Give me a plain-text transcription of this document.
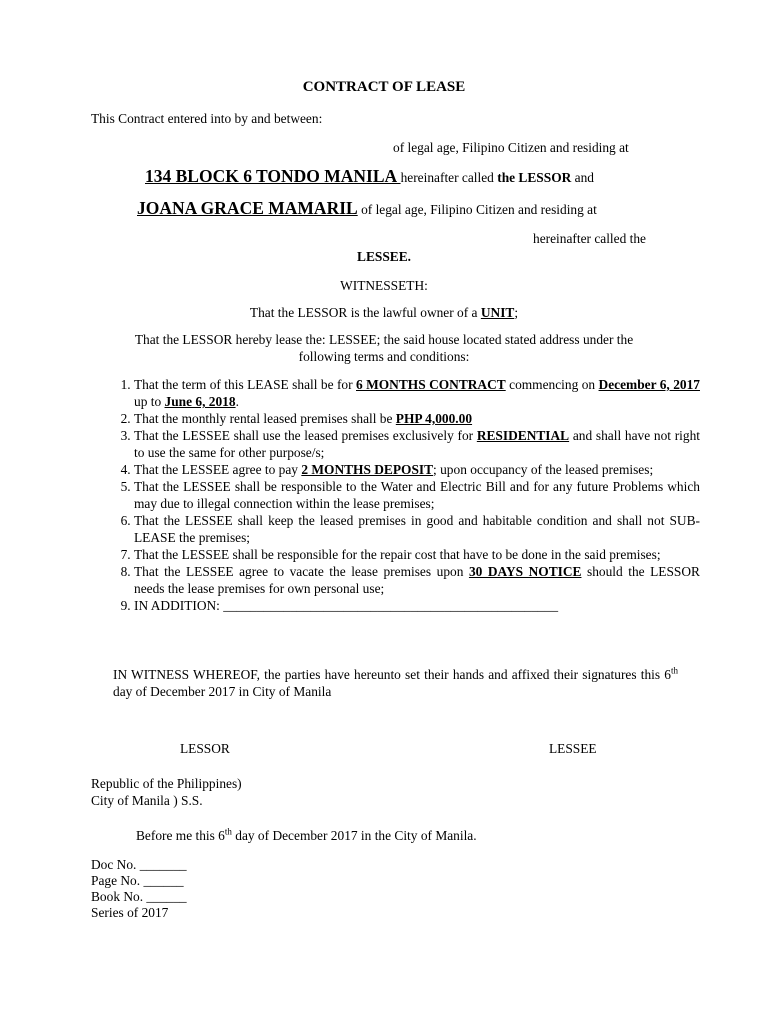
CONTRACT OF LEASE
This Contract entered into by and between:
of legal age, Filipino Citizen and residing at
134 BLOCK 6 TONDO MANILA hereinafter called the LESSOR and
JOANA GRACE MAMARIL of legal age, Filipino Citizen and residing at
hereinafter called the
LESSEE.
WITNESSETH:
That the LESSOR is the lawful owner of a UNIT;
That the LESSOR hereby lease the: LESSEE; the said house located stated address under the
following terms and conditions:
1. That the term of this LEASE shall be for 6 MONTHS CONTRACT commencing on December 6, 2017 up to June 6, 2018.
2. That the monthly rental leased premises shall be PHP 4,000.00
3. That the LESSEE shall use the leased premises exclusively for RESIDENTIAL and shall have not right to use the same for other purpose/s;
4. That the LESSEE agree to pay 2 MONTHS DEPOSIT; upon occupancy of the leased premises;
5. That the LESSEE shall be responsible to the Water and Electric Bill and for any future Problems which may due to illegal connection within the lease premises;
6. That the LESSEE shall keep the leased premises in good and habitable condition and shall not SUB-LEASE the premises;
7. That the LESSEE shall be responsible for the repair cost that have to be done in the said premises;
8. That the LESSEE agree to vacate the lease premises upon 30 DAYS NOTICE should the LESSOR needs the lease premises for own personal use;
9. IN ADDITION: __________________________________________________
IN WITNESS WHEREOF, the parties have hereunto set their hands and affixed their signatures this 6th day of December 2017 in City of Manila
LESSOR	LESSEE
Republic of the Philippines)
City of Manila ) S.S.
Before me this 6th day of December 2017 in the City of Manila.
Doc No. _______
Page No. ______
Book No. ______
Series of 2017
